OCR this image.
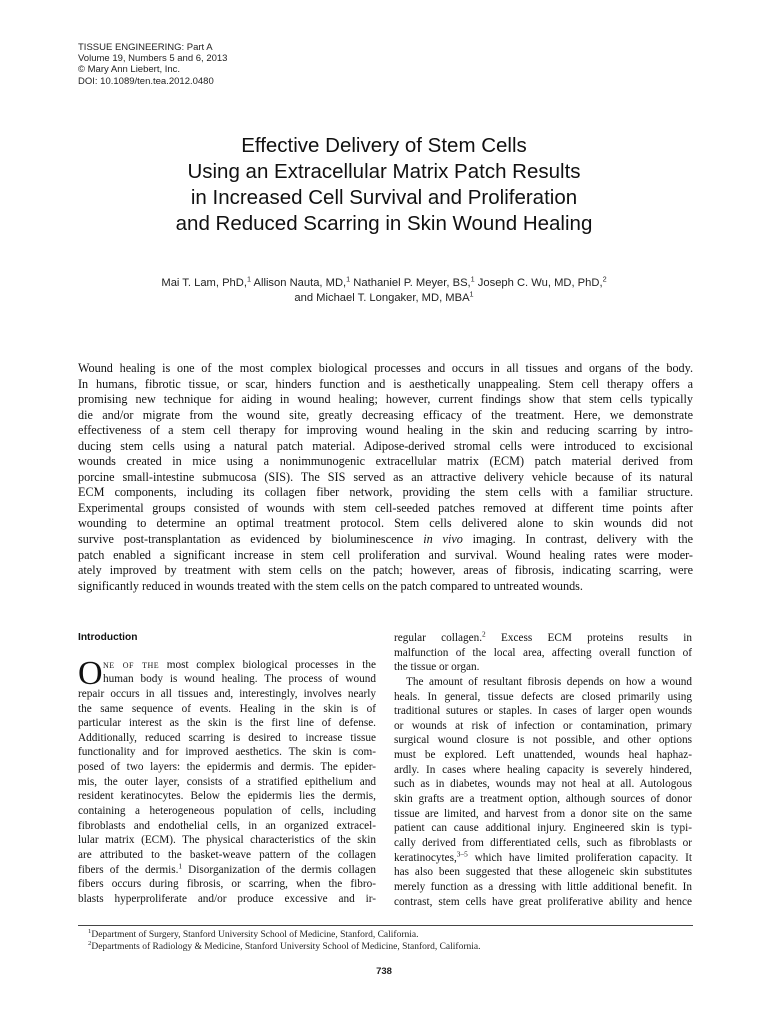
TISSUE ENGINEERING: Part A
Volume 19, Numbers 5 and 6, 2013
© Mary Ann Liebert, Inc.
DOI: 10.1089/ten.tea.2012.0480
Effective Delivery of Stem Cells
Using an Extracellular Matrix Patch Results
in Increased Cell Survival and Proliferation
and Reduced Scarring in Skin Wound Healing
Mai T. Lam, PhD,$^1$ Allison Nauta, MD,$^1$ Nathaniel P. Meyer, BS,$^1$ Joseph C. Wu, MD, PhD,$^2$
and Michael T. Longaker, MD, MBA$^1$
Wound healing is one of the most complex biological processes and occurs in all tissues and organs of the body.
In humans, fibrotic tissue, or scar, hinders function and is aesthetically unappealing. Stem cell therapy offers a
promising new technique for aiding in wound healing; however, current findings show that stem cells typically
die and/or migrate from the wound site, greatly decreasing efficacy of the treatment. Here, we demonstrate
effectiveness of a stem cell therapy for improving wound healing in the skin and reducing scarring by intro-
ducing stem cells using a natural patch material. Adipose-derived stromal cells were introduced to excisional
wounds created in mice using a nonimmunogenic extracellular matrix (ECM) patch material derived from
porcine small-intestine submucosa (SIS). The SIS served as an attractive delivery vehicle because of its natural
ECM components, including its collagen fiber network, providing the stem cells with a familiar structure.
Experimental groups consisted of wounds with stem cell-seeded patches removed at different time points after
wounding to determine an optimal treatment protocol. Stem cells delivered alone to skin wounds did not
survive post-transplantation as evidenced by bioluminescence in vivo imaging. In contrast, delivery with the
patch enabled a significant increase in stem cell proliferation and survival. Wound healing rates were moder-
ately improved by treatment with stem cells on the patch; however, areas of fibrosis, indicating scarring, were
significantly reduced in wounds treated with the stem cells on the patch compared to untreated wounds.
Introduction
O ne of the most complex biological processes in the
human body is wound healing. The process of wound
repair occurs in all tissues and, interestingly, involves nearly
the same sequence of events. Healing in the skin is of
particular interest as the skin is the first line of defense.
Additionally, reduced scarring is desired to increase tissue
functionality and for improved aesthetics. The skin is com-
posed of two layers: the epidermis and dermis. The epider-
mis, the outer layer, consists of a stratified epithelium and
resident keratinocytes. Below the epidermis lies the dermis,
containing a heterogeneous population of cells, including
fibroblasts and endothelial cells, in an organized extracel-
lular matrix (ECM). The physical characteristics of the skin
are attributed to the basket-weave pattern of the collagen
fibers of the dermis.$^1$ Disorganization of the dermis collagen
fibers occurs during fibrosis, or scarring, when the fibro-
blasts hyperproliferate and/or produce excessive and ir-
regular collagen.$^2$ Excess ECM proteins results in
malfunction of the local area, affecting overall function of
the tissue or organ.
The amount of resultant fibrosis depends on how a wound
heals. In general, tissue defects are closed primarily using
traditional sutures or staples. In cases of larger open wounds
or wounds at risk of infection or contamination, primary
surgical wound closure is not possible, and other options
must be explored. Left unattended, wounds heal haphaz-
ardly. In cases where healing capacity is severely hindered,
such as in diabetes, wounds may not heal at all. Autologous
skin grafts are a treatment option, although sources of donor
tissue are limited, and harvest from a donor site on the same
patient can cause additional injury. Engineered skin is typi-
cally derived from differentiated cells, such as fibroblasts or
keratinocytes,$^{3-5}$ which have limited proliferation capacity. It
has also been suggested that these allogeneic skin substitutes
merely function as a dressing with little additional benefit. In
contrast, stem cells have great proliferative ability and hence
$^1$Department of Surgery, Stanford University School of Medicine, Stanford, California.
$^2$Departments of Radiology & Medicine, Stanford University School of Medicine, Stanford, California.
738
